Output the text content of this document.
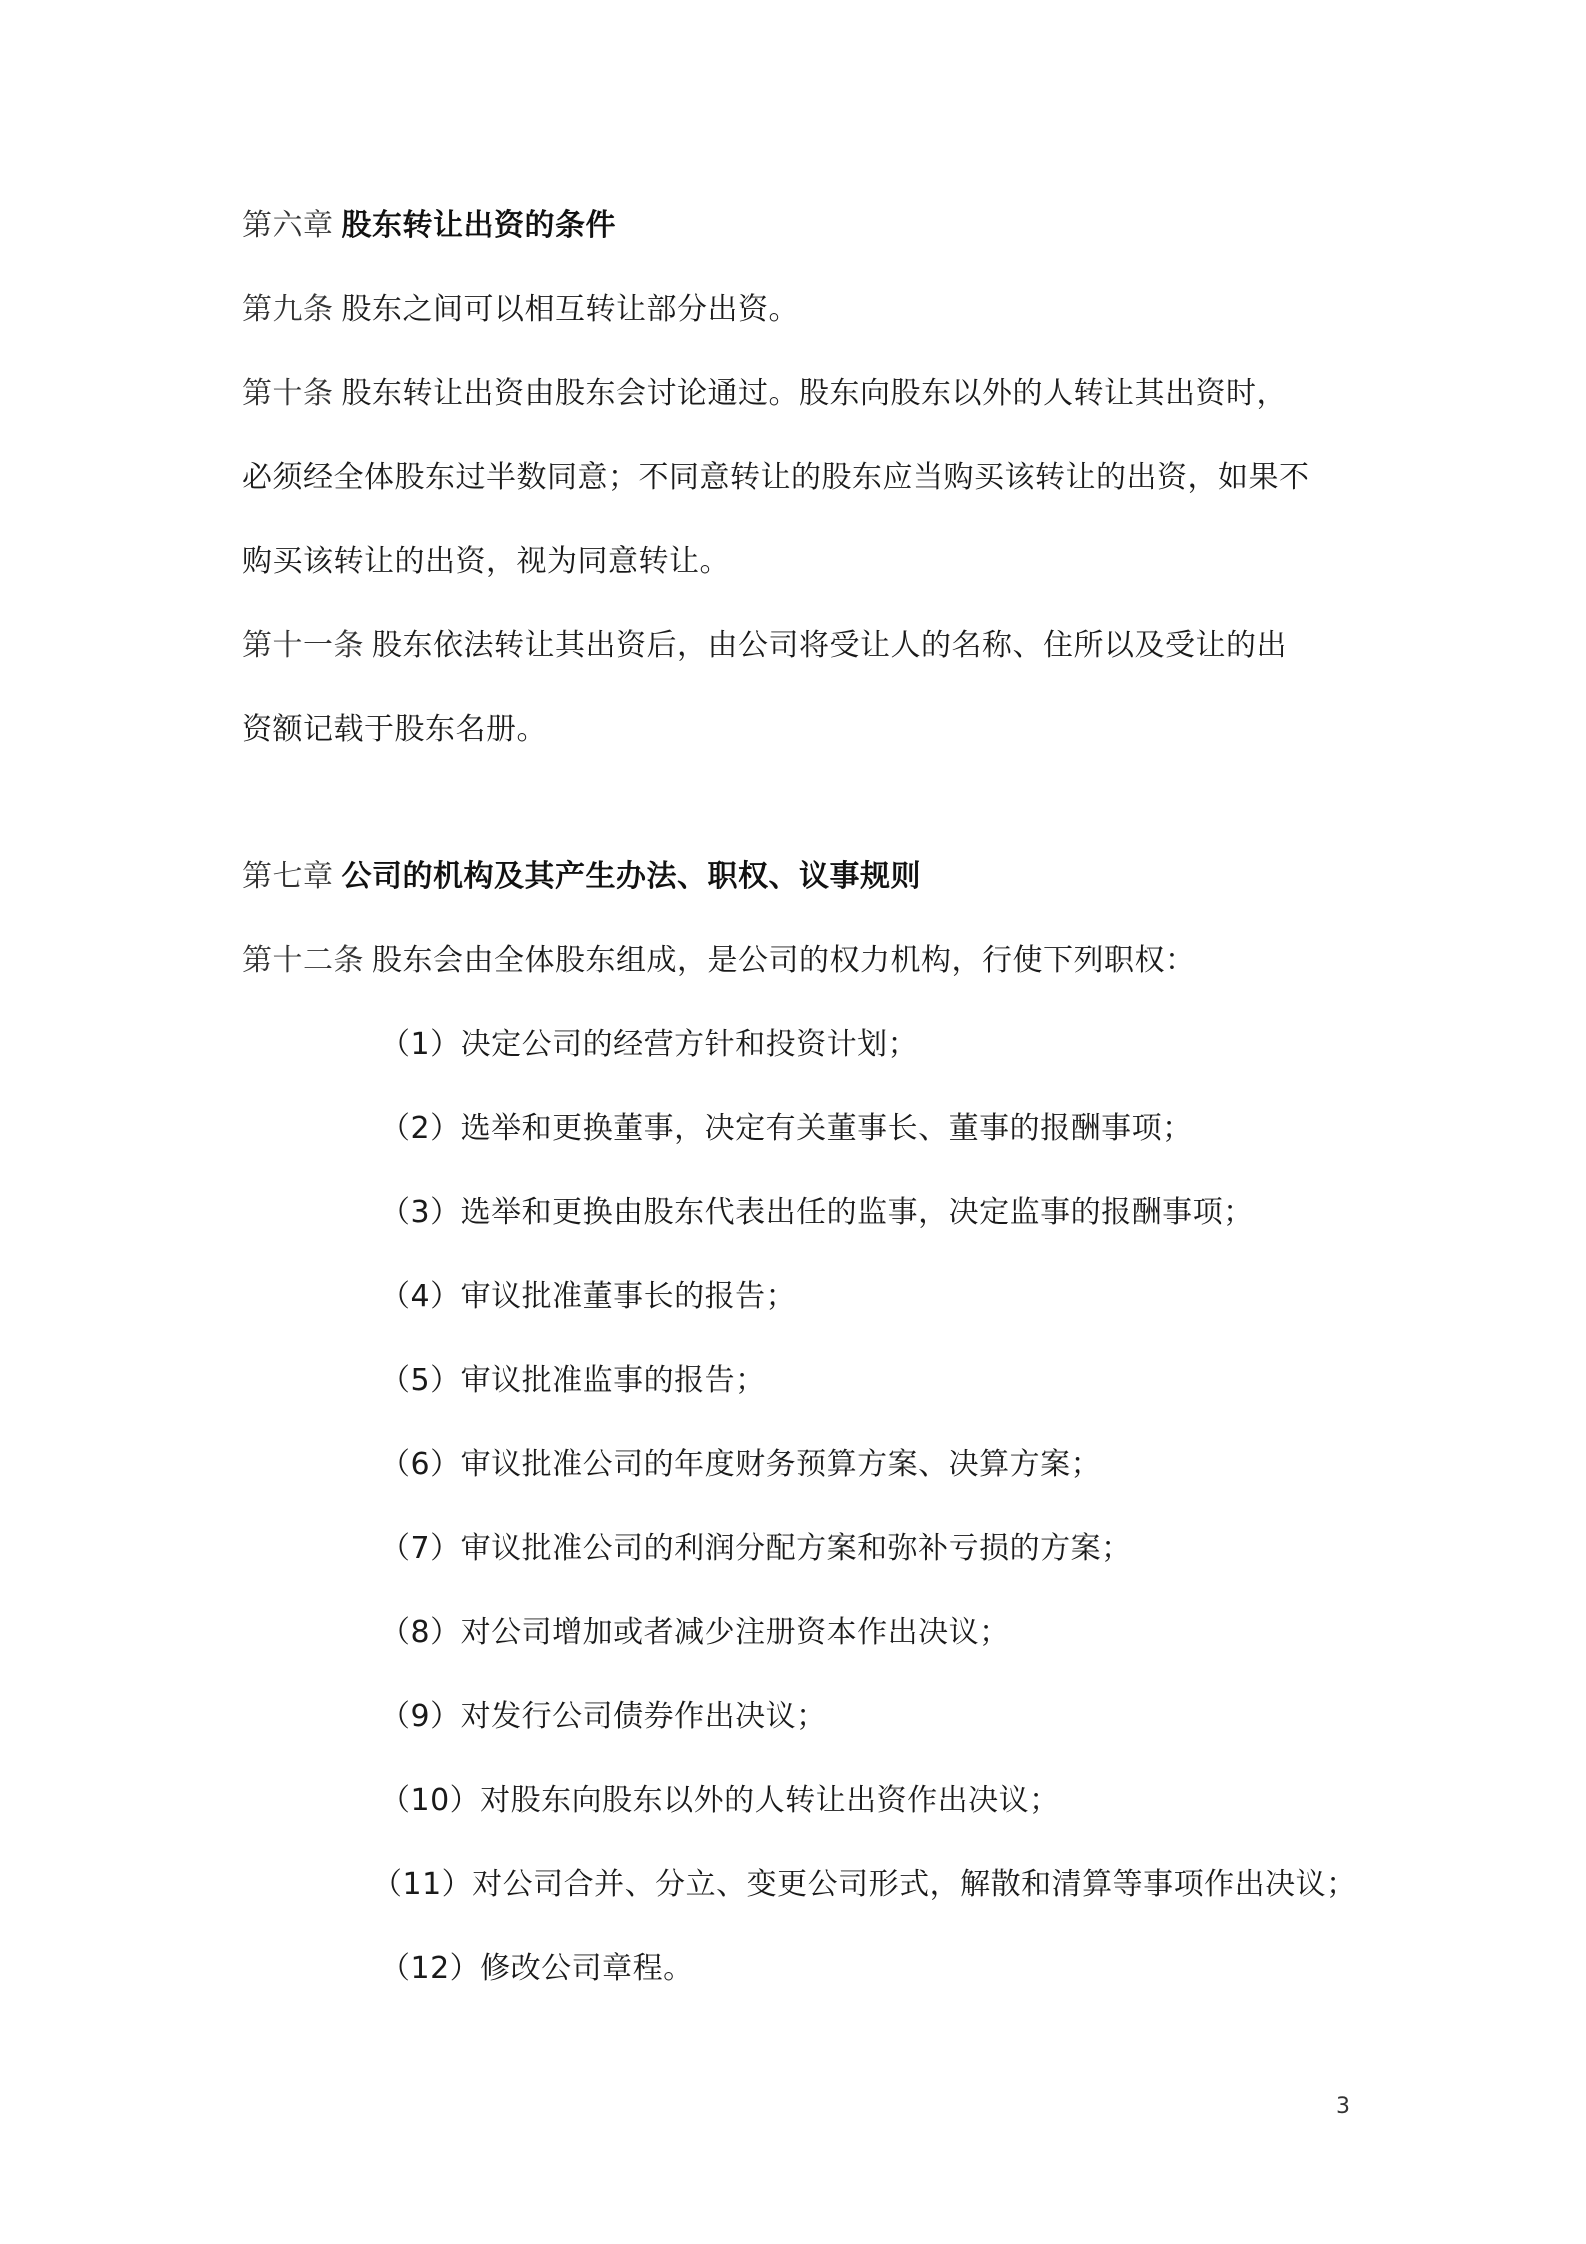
第六章 股东转让出资的条件
第九条 股东之间可以相互转让部分出资。
第十条 股东转让出资由股东会讨论通过。股东向股东以外的人转让其出资时，
必须经全体股东过半数同意；不同意转让的股东应当购买该转让的出资，如果不
购买该转让的出资，视为同意转让。
第十一条 股东依法转让其出资后，由公司将受让人的名称、住所以及受让的出
资额记载于股东名册。
第七章 公司的机构及其产生办法、职权、议事规则
第十二条 股东会由全体股东组成，是公司的权力机构，行使下列职权：
（1）决定公司的经营方针和投资计划；
（2）选举和更换董事，决定有关董事长、董事的报酬事项；
（3）选举和更换由股东代表出任的监事，决定监事的报酬事项；
（4）审议批准董事长的报告；
（5）审议批准监事的报告；
（6）审议批准公司的年度财务预算方案、决算方案；
（7）审议批准公司的利润分配方案和弥补亏损的方案；
（8）对公司增加或者减少注册资本作出决议；
（9）对发行公司债券作出决议；
（10）对股东向股东以外的人转让出资作出决议；
（11）对公司合并、分立、变更公司形式，解散和清算等事项作出决议；
（12）修改公司章程。
3
